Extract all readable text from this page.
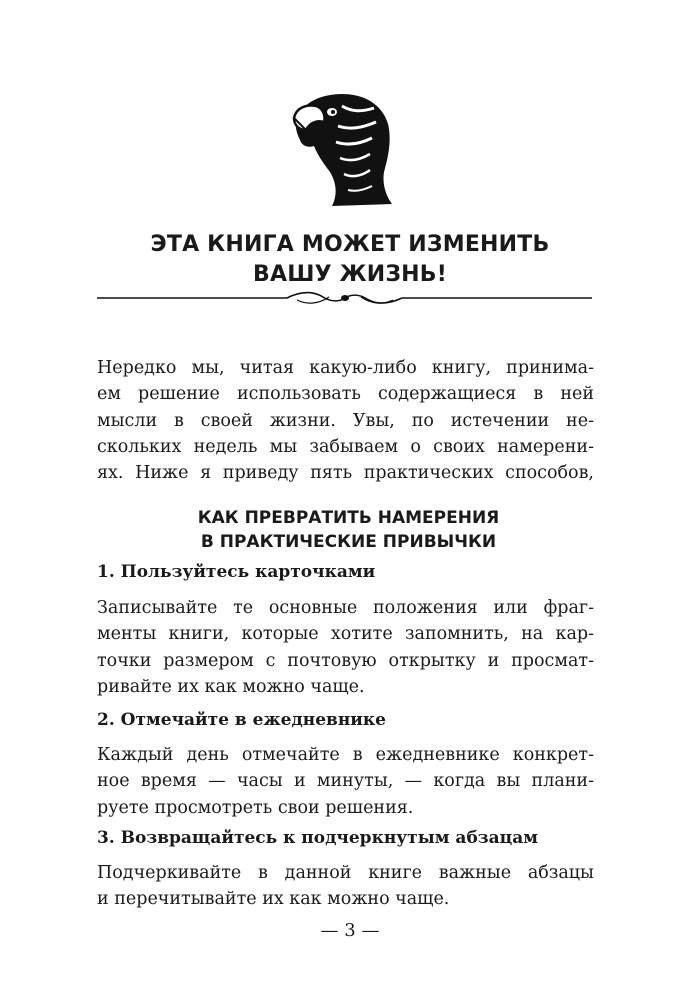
ЭТА КНИГА МОЖЕТ ИЗМЕНИТЬ
ВАШУ ЖИЗНЬ!

Нередко мы, читая какую-либо книгу, принима-
ем решение использовать содержащиеся в ней
мысли в своей жизни. Увы, по истечении не-
скольких недель мы забываем о своих намерени-
ях. Ниже я приведу пять практических способов,

КАК ПРЕВРАТИТЬ НАМЕРЕНИЯ
В ПРАКТИЧЕСКИЕ ПРИВЫЧКИ
1. Пользуйтесь карточками

Записывайте те основные положения или фраг-
менты книги, которые хотите запомнить, на кар-
точки размером с почтовую открытку и просмат-
ривайте их как можно чаще.

2. Отмечайте в ежедневнике

Каждый день отмечайте в ежедневнике конкрет-
ное время — часы и минуты, — когда вы плани-
руете просмотреть свои решения.

3. Возвращайтесь к подчеркнутым абзацам

Подчеркивайте в данной книге важные абзацы
и перечитывайте их как можно чаще.

— 3 —
